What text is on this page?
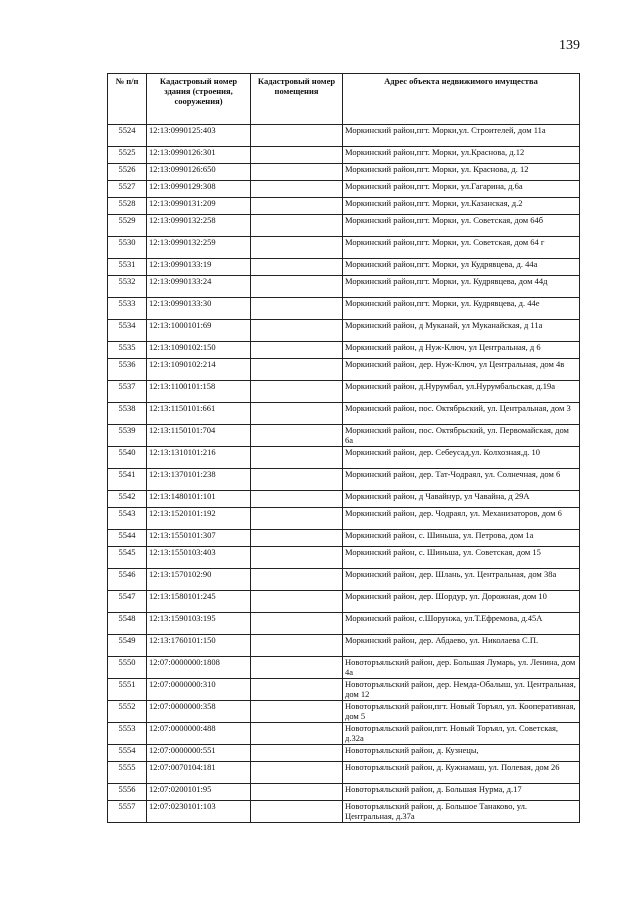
139
№ п/п	Кадастровый номер здания (строения, сооружения)	Кадастровый номер помещения	Адрес объекта недвижимого имущества
5524	12:13:0990125:403		Моркинский район,пгт. Морки,ул. Строителей, дом 11а
5525	12:13:0990126:301		Моркинский район,пгт. Морки, ул.Краснова, д.12
5526	12:13:0990126:650		Моркинский район,пгт. Морки, ул. Краснова, д. 12
5527	12:13:0990129:308		Моркинский район,пгт. Морки, ул.Гагарина, д.6а
5528	12:13:0990131:209		Моркинский район,пгт. Морки, ул.Казанская, д.2
5529	12:13:0990132:258		Моркинский район,пгт. Морки, ул. Советская, дом 64б
5530	12:13:0990132:259		Моркинский район,пгт. Морки, ул. Советская, дом 64 г
5531	12:13:0990133:19		Моркинский район,пгт. Морки, ул Кудрявцева, д. 44а
5532	12:13:0990133:24		Моркинский район,пгт. Морки, ул. Кудрявцева, дом 44д
5533	12:13:0990133:30		Моркинский район,пгт. Морки, ул. Кудрявцева, д. 44е
5534	12:13:1000101:69		Моркинский район, д Муканай, ул Муканайская, д 11а
5535	12:13:1090102:150		Моркинский район, д Нуж-Ключ, ул Центральная, д 6
5536	12:13:1090102:214		Моркинский район, дер. Нуж-Ключ, ул Центральная, дом 4в
5537	12:13:1100101:158		Моркинский район, д.Нурумбал, ул.Нурумбальская, д.19а
5538	12:13:1150101:661		Моркинский район, пос. Октябрьский, ул. Центральная, дом 3
5539	12:13:1150101:704		Моркинский район, пос. Октябрьский, ул. Первомайская, дом 6а
5540	12:13:1310101:216		Моркинский район, дер. Себеусад,ул. Колхозная,д. 10
5541	12:13:1370101:238		Моркинский район, дер. Тат-Чодраял, ул. Солнечная, дом 6
5542	12:13:1480101:101		Моркинский район, д Чавайнур, ул Чавайна, д 29А
5543	12:13:1520101:192		Моркинский район, дер. Чодраял, ул. Механизаторов, дом 6
5544	12:13:1550101:307		Моркинский район, с. Шиньша, ул. Петрова, дом 1а
5545	12:13:1550103:403		Моркинский район, с. Шиньша, ул. Советская, дом 15
5546	12:13:1570102:90		Моркинский район, дер. Шлань, ул. Центральная, дом 38а
5547	12:13:1580101:245		Моркинский район, дер. Шордур, ул. Дорожная, дом 10
5548	12:13:1590103:195		Моркинский район, с.Шорунжа, ул.Т.Ефремова, д.45А
5549	12:13:1760101:150		Моркинский район, дер. Абдаево, ул. Николаева С.П.
5550	12:07:0000000:1808		Новоторъяльский район, дер. Большая Лумарь, ул. Ленина, дом 4а
5551	12:07:0000000:310		Новоторъяльский район, дер. Немда-Обалыш, ул. Центральная, дом 12
5552	12:07:0000000:358		Новоторъяльский район,пгт. Новый Торъял, ул. Кооперативная, дом 5
5553	12:07:0000000:488		Новоторъяльский район,пгт. Новый Торъял, ул. Советская, д.32а
5554	12:07:0000000:551		Новоторъяльский район, д. Кузнецы,
5555	12:07:0070104:181		Новоторъяльский район, д. Кужнамаш, ул. Полевая, дом 26
5556	12:07:0200101:95		Новоторъяльский район, д. Большая Нурма, д.17
5557	12:07:0230101:103		Новоторъяльский район, д. Большое Танаково, ул. Центральная, д.37а
